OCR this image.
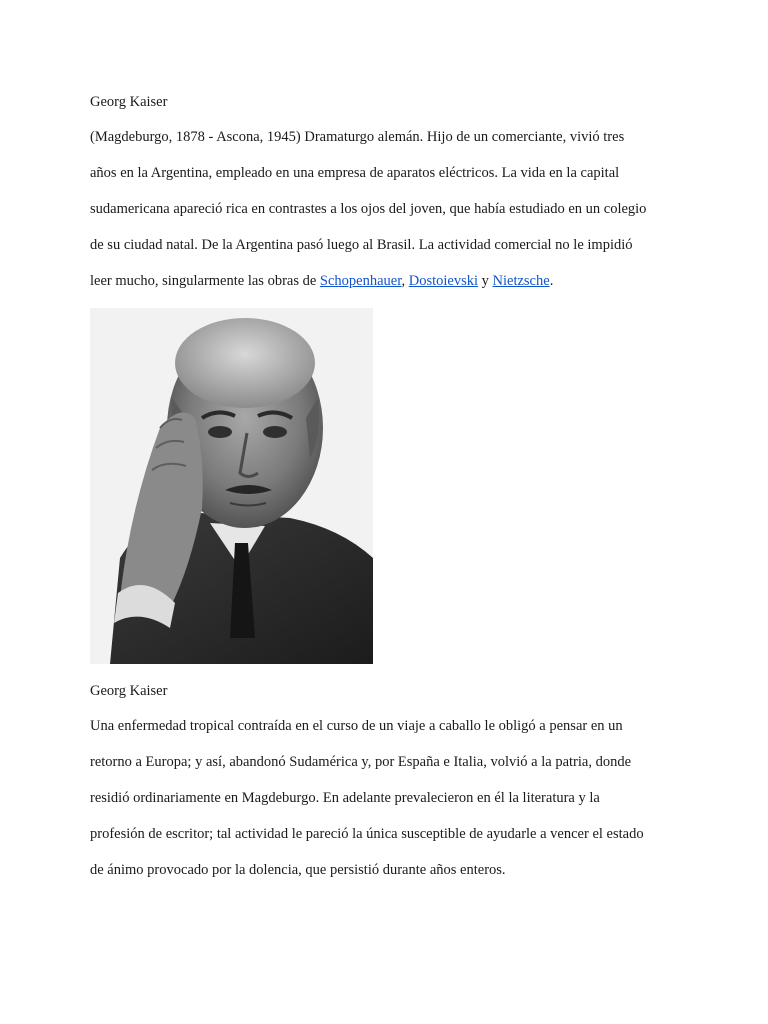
Georg Kaiser
(Magdeburgo, 1878 - Ascona, 1945) Dramaturgo alemán. Hijo de un comerciante, vivió tres
años en la Argentina, empleado en una empresa de aparatos eléctricos. La vida en la capital
sudamericana apareció rica en contrastes a los ojos del joven, que había estudiado en un colegio
de su ciudad natal. De la Argentina pasó luego al Brasil. La actividad comercial no le impidió
leer mucho, singularmente las obras de Schopenhauer, Dostoievski y Nietzsche.
Georg Kaiser
Una enfermedad tropical contraída en el curso de un viaje a caballo le obligó a pensar en un
retorno a Europa; y así, abandonó Sudamérica y, por España e Italia, volvió a la patria, donde
residió ordinariamente en Magdeburgo. En adelante prevalecieron en él la literatura y la
profesión de escritor; tal actividad le pareció la única susceptible de ayudarle a vencer el estado
de ánimo provocado por la dolencia, que persistió durante años enteros.
